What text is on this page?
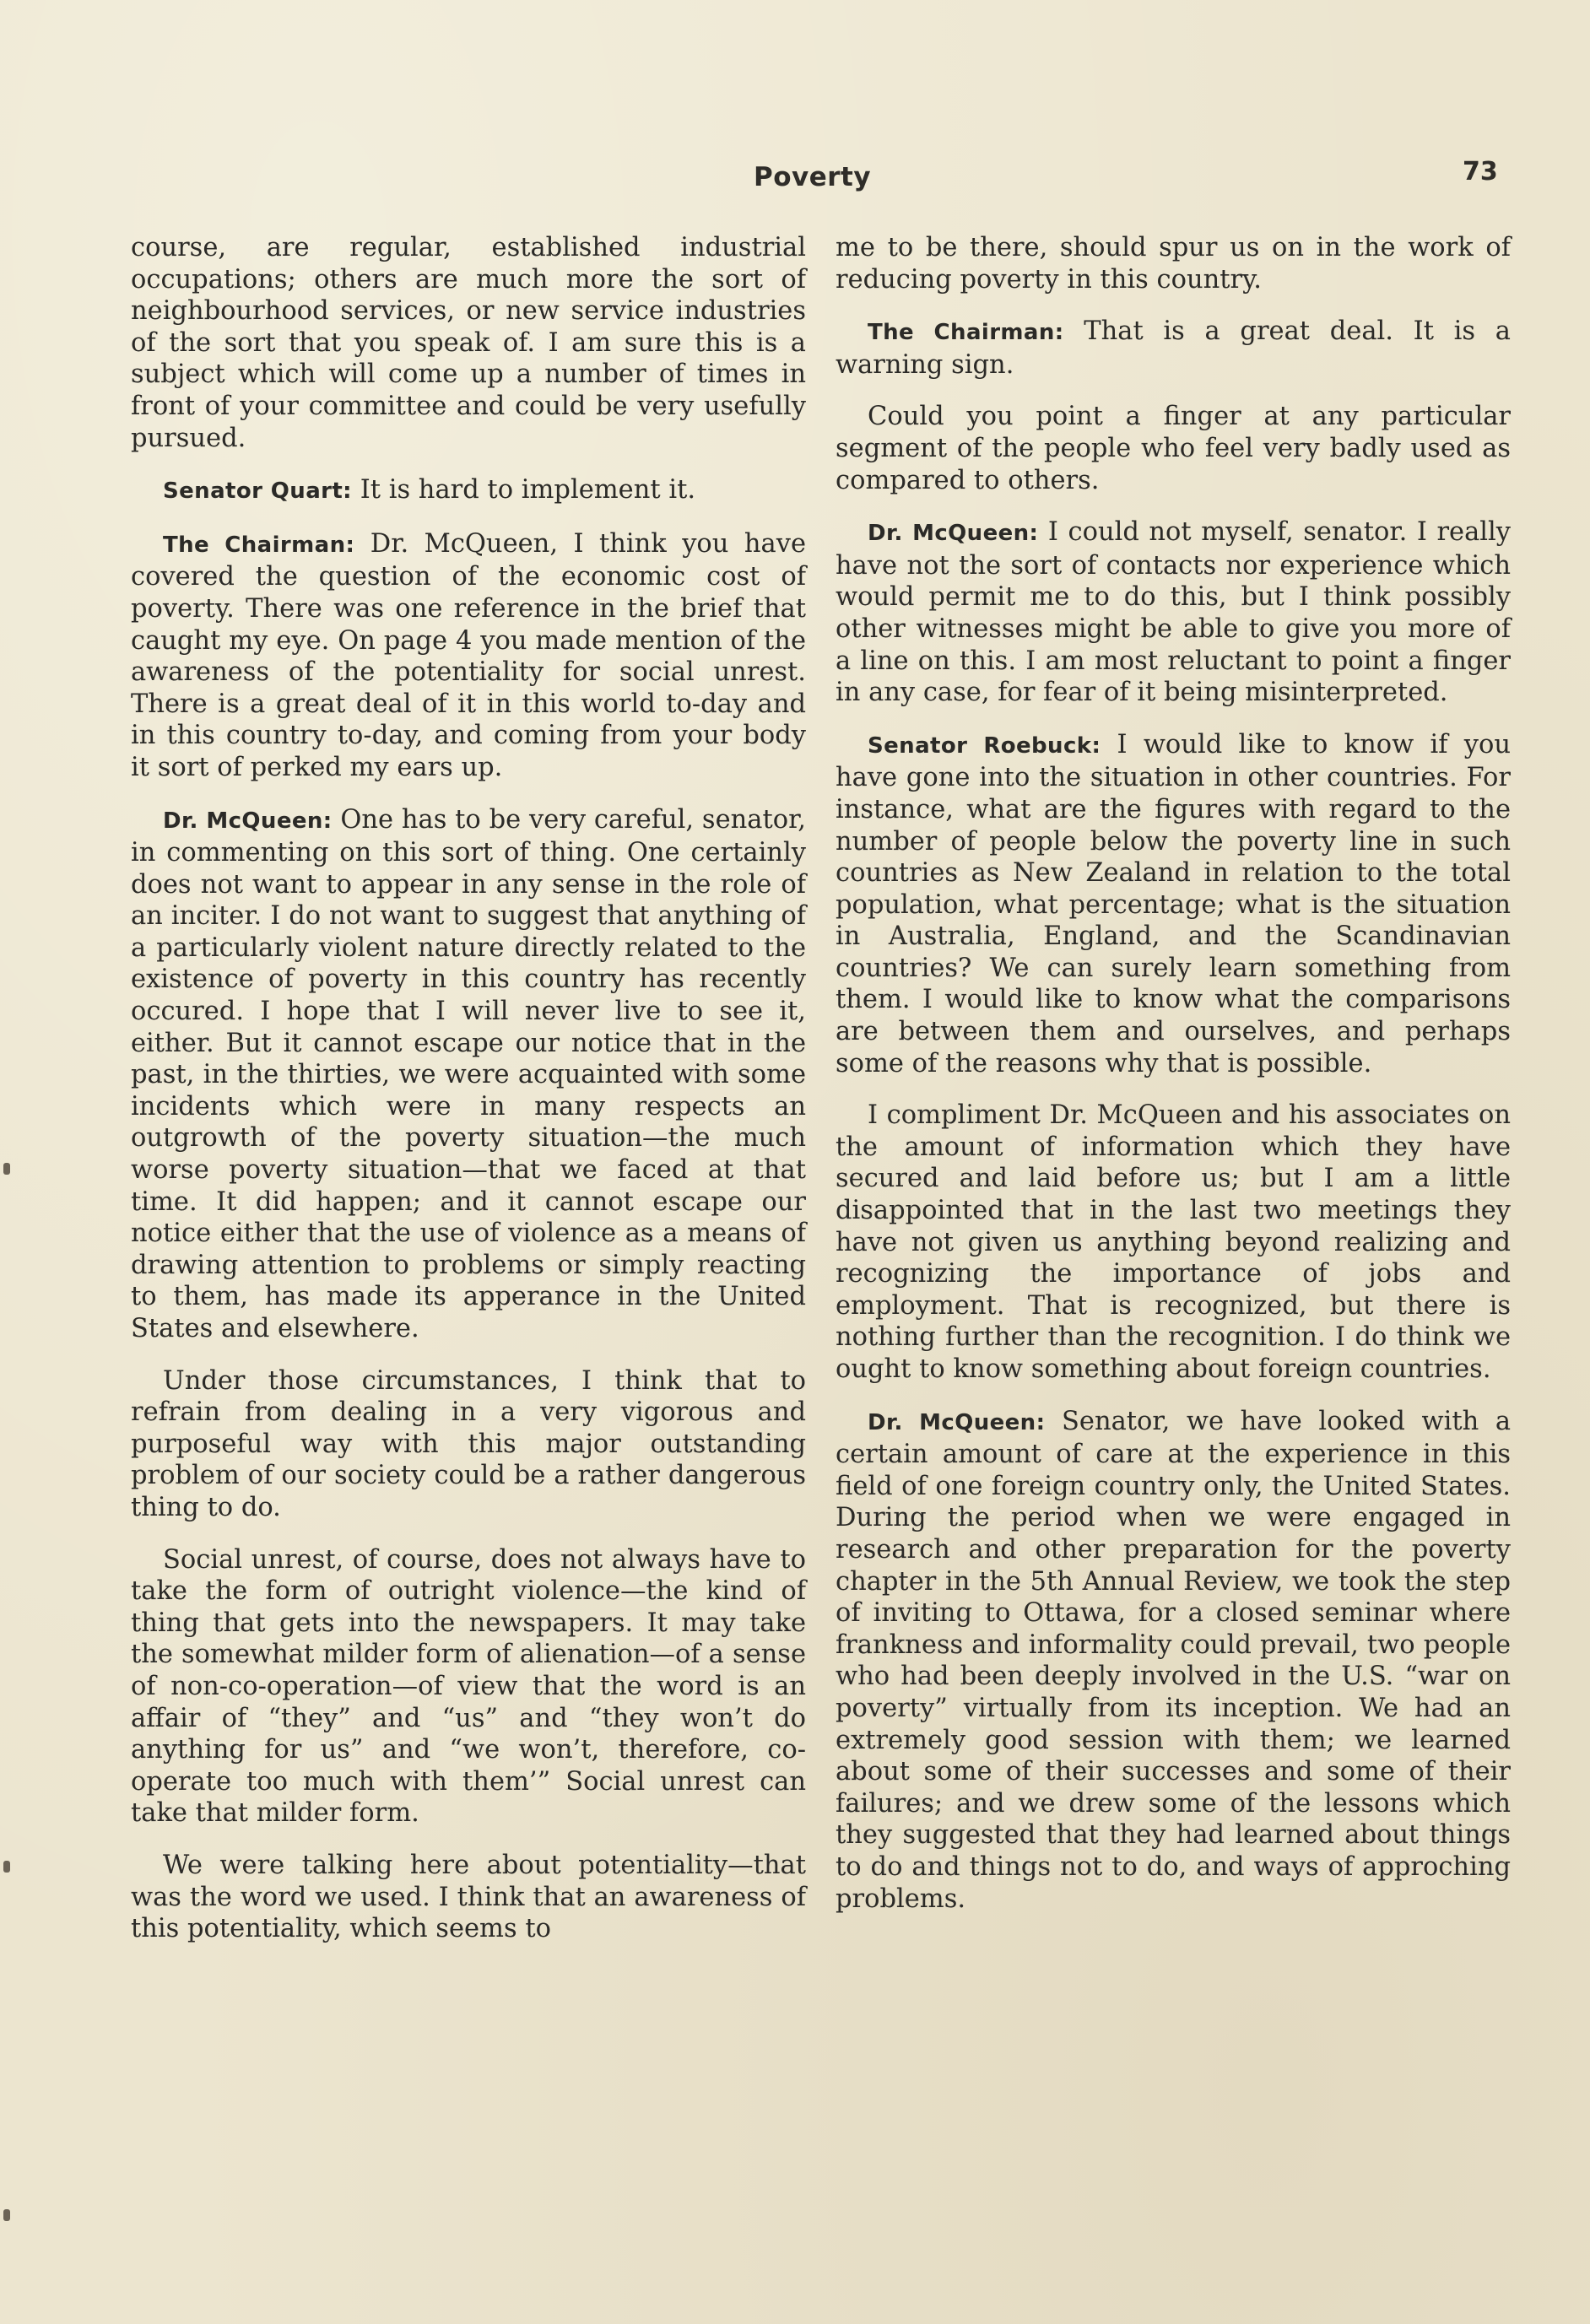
Poverty	73

course, are regular, established industrial occupations; others are much more the sort of neighbourhood services, or new service industries of the sort that you speak of. I am sure this is a subject which will come up a number of times in front of your committee and could be very usefully pursued.

Senator Quart: It is hard to implement it.

The Chairman: Dr. McQueen, I think you have covered the question of the economic cost of poverty. There was one reference in the brief that caught my eye. On page 4 you made mention of the awareness of the potentiality for social unrest. There is a great deal of it in this world to-day and in this country to-day, and coming from your body it sort of perked my ears up.

Dr. McQueen: One has to be very careful, senator, in commenting on this sort of thing. One certainly does not want to appear in any sense in the role of an inciter. I do not want to suggest that anything of a particularly violent nature directly related to the existence of poverty in this country has recently occured. I hope that I will never live to see it, either. But it cannot escape our notice that in the past, in the thirties, we were acquainted with some incidents which were in many respects an outgrowth of the poverty situation—the much worse poverty situation—that we faced at that time. It did happen; and it cannot escape our notice either that the use of violence as a means of drawing attention to problems or simply reacting to them, has made its apperance in the United States and elsewhere.

Under those circumstances, I think that to refrain from dealing in a very vigorous and purposeful way with this major outstanding problem of our society could be a rather dangerous thing to do.

Social unrest, of course, does not always have to take the form of outright violence—the kind of thing that gets into the newspapers. It may take the somewhat milder form of alienation—of a sense of non-co-operation—of view that the word is an affair of “they” and “us” and “they won’t do anything for us” and “we won’t, therefore, co-operate too much with them’” Social unrest can take that milder form.

We were talking here about potentiality—that was the word we used. I think that an awareness of this potentiality, which seems to

me to be there, should spur us on in the work of reducing poverty in this country.

The Chairman: That is a great deal. It is a warning sign.

Could you point a finger at any particular segment of the people who feel very badly used as compared to others.

Dr. McQueen: I could not myself, senator. I really have not the sort of contacts nor experience which would permit me to do this, but I think possibly other witnesses might be able to give you more of a line on this. I am most reluctant to point a finger in any case, for fear of it being misinterpreted.

Senator Roebuck: I would like to know if you have gone into the situation in other countries. For instance, what are the figures with regard to the number of people below the poverty line in such countries as New Zealand in relation to the total population, what percentage; what is the situation in Australia, England, and the Scandinavian countries? We can surely learn something from them. I would like to know what the comparisons are between them and ourselves, and perhaps some of the reasons why that is possible.

I compliment Dr. McQueen and his associates on the amount of information which they have secured and laid before us; but I am a little disappointed that in the last two meetings they have not given us anything beyond realizing and recognizing the importance of jobs and employment. That is recognized, but there is nothing further than the recognition. I do think we ought to know something about foreign countries.

Dr. McQueen: Senator, we have looked with a certain amount of care at the experience in this field of one foreign country only, the United States. During the period when we were engaged in research and other preparation for the poverty chapter in the 5th Annual Review, we took the step of inviting to Ottawa, for a closed seminar where frankness and informality could prevail, two people who had been deeply involved in the U.S. “war on poverty” virtually from its inception. We had an extremely good session with them; we learned about some of their successes and some of their failures; and we drew some of the lessons which they suggested that they had learned about things to do and things not to do, and ways of approching problems.
